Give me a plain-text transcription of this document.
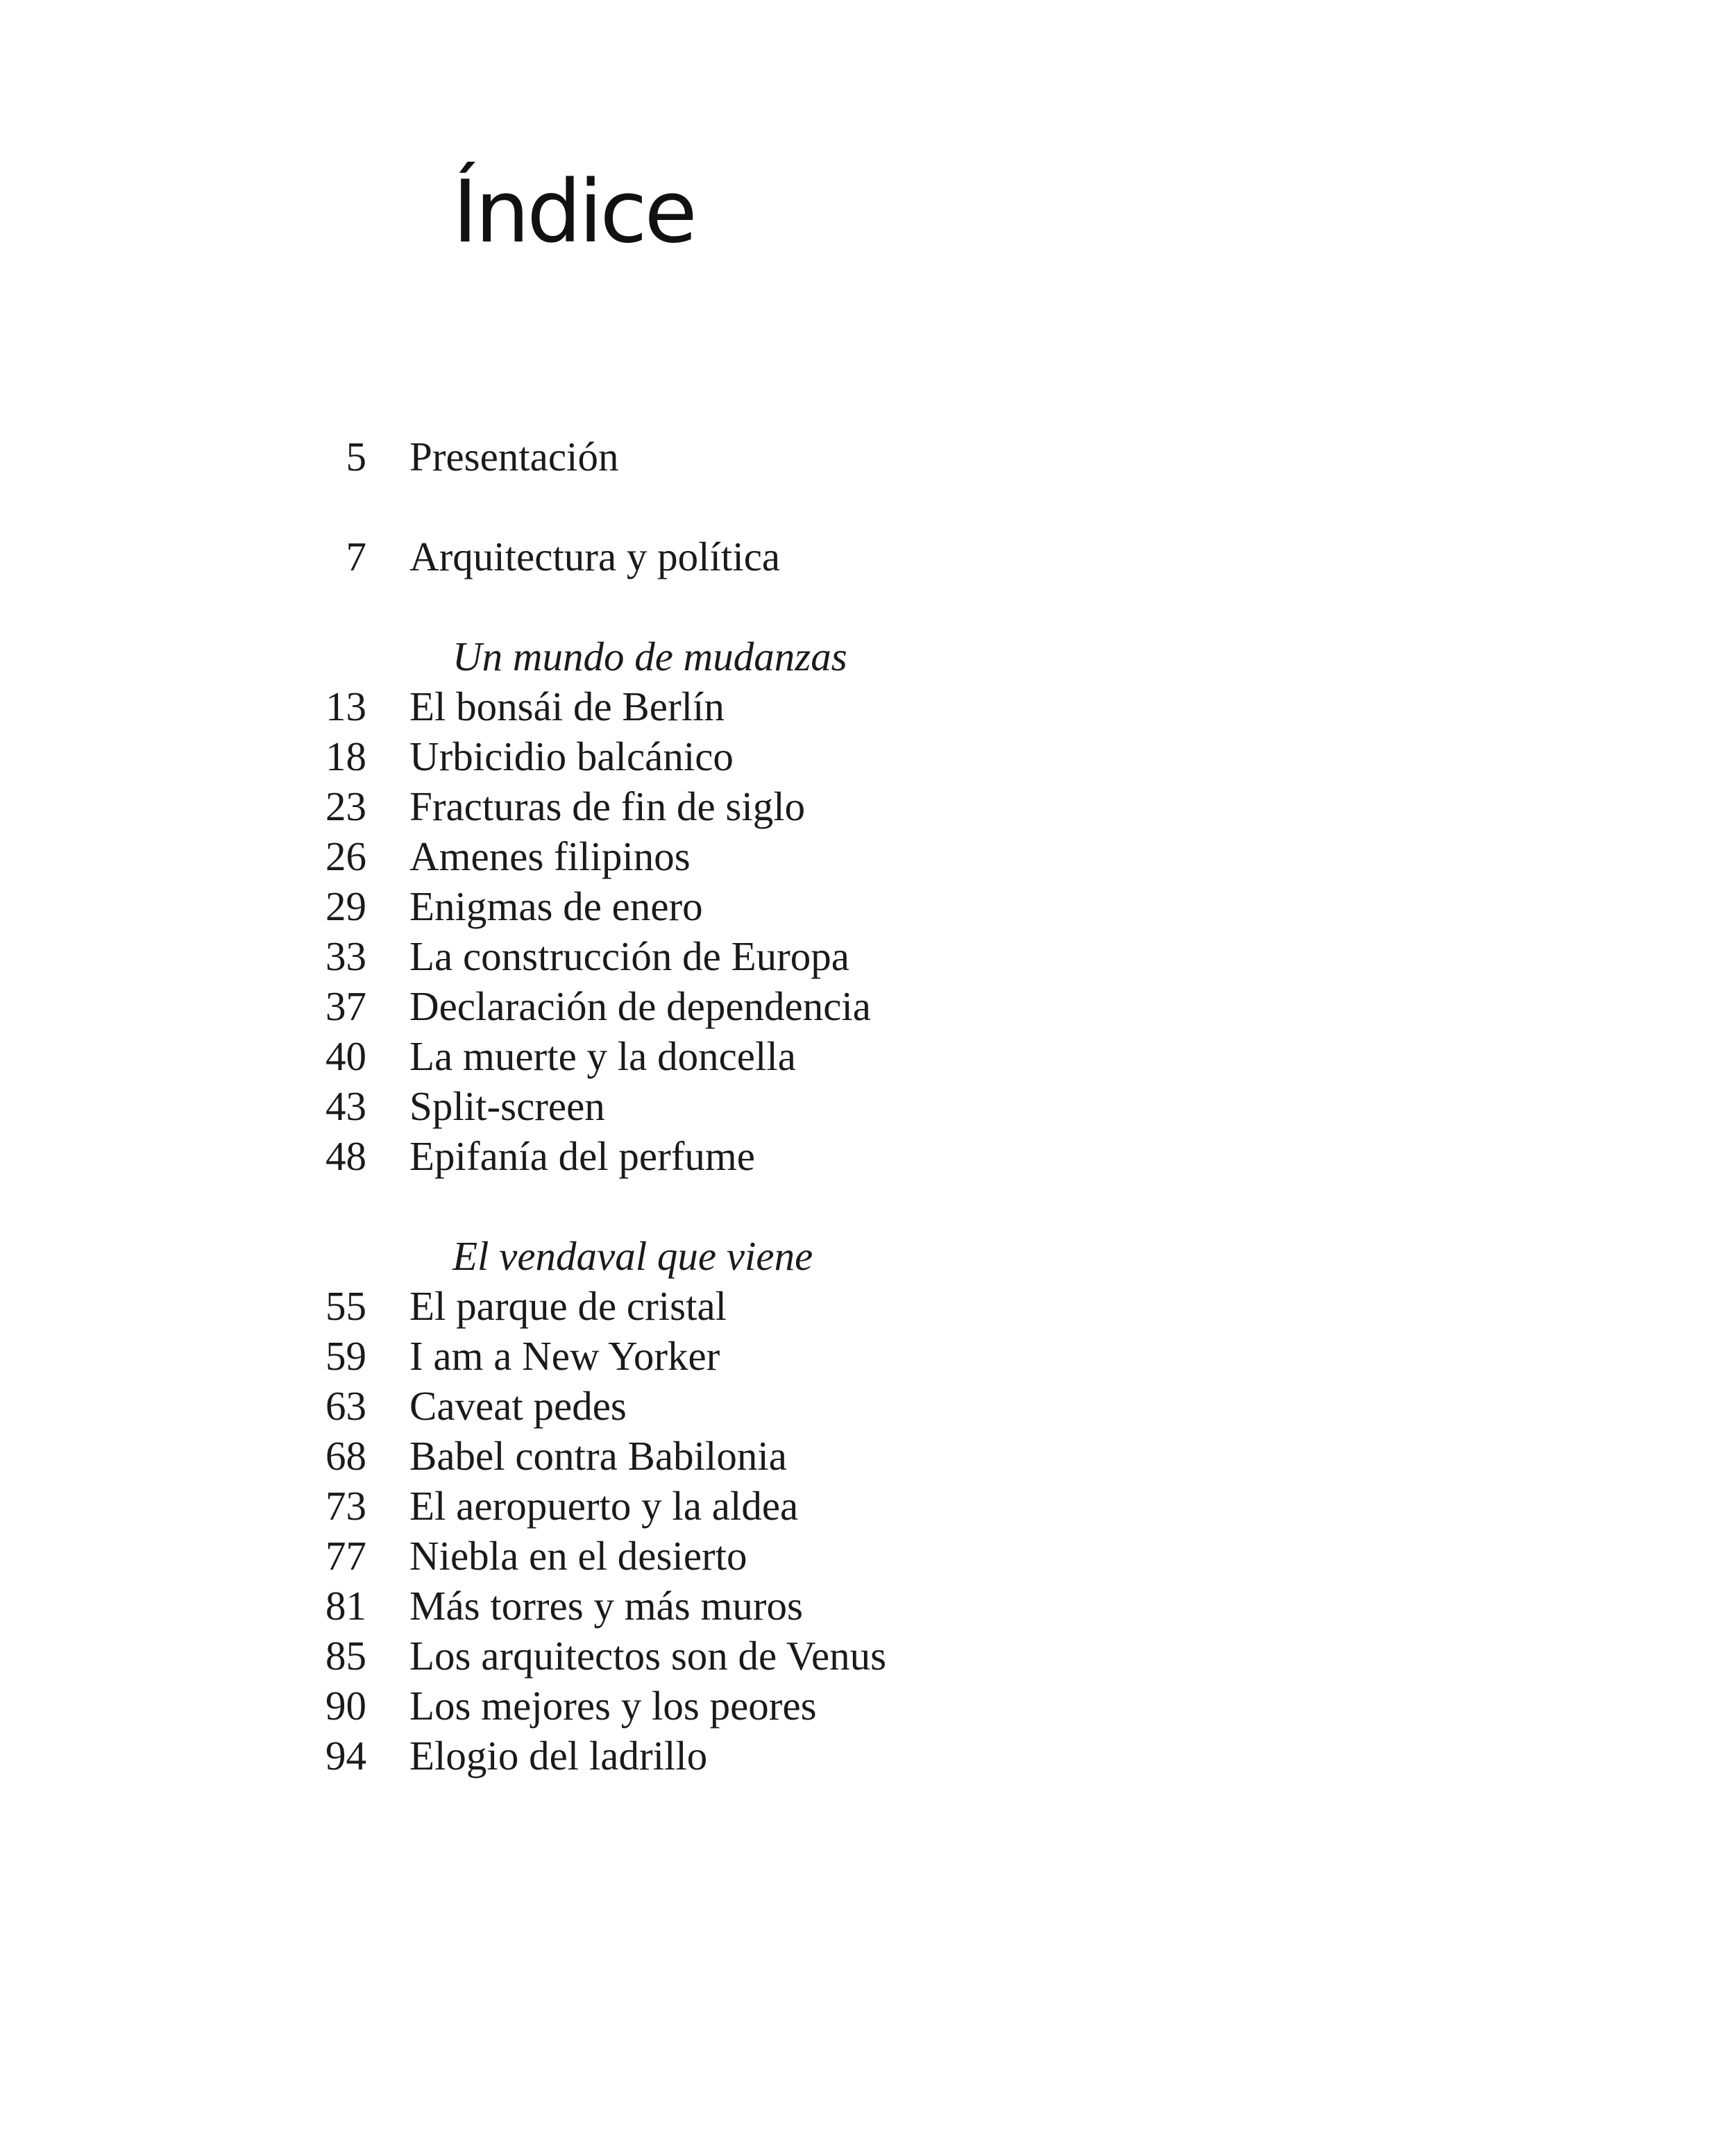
Índice
5	Presentación
7	Arquitectura y política
Un mundo de mudanzas
13	El bonsái de Berlín
18	Urbicidio balcánico
23	Fracturas de fin de siglo
26	Amenes filipinos
29	Enigmas de enero
33	La construcción de Europa
37	Declaración de dependencia
40	La muerte y la doncella
43	Split-screen
48	Epifanía del perfume
El vendaval que viene
55	El parque de cristal
59	I am a New Yorker
63	Caveat pedes
68	Babel contra Babilonia
73	El aeropuerto y la aldea
77	Niebla en el desierto
81	Más torres y más muros
85	Los arquitectos son de Venus
90	Los mejores y los peores
94	Elogio del ladrillo
